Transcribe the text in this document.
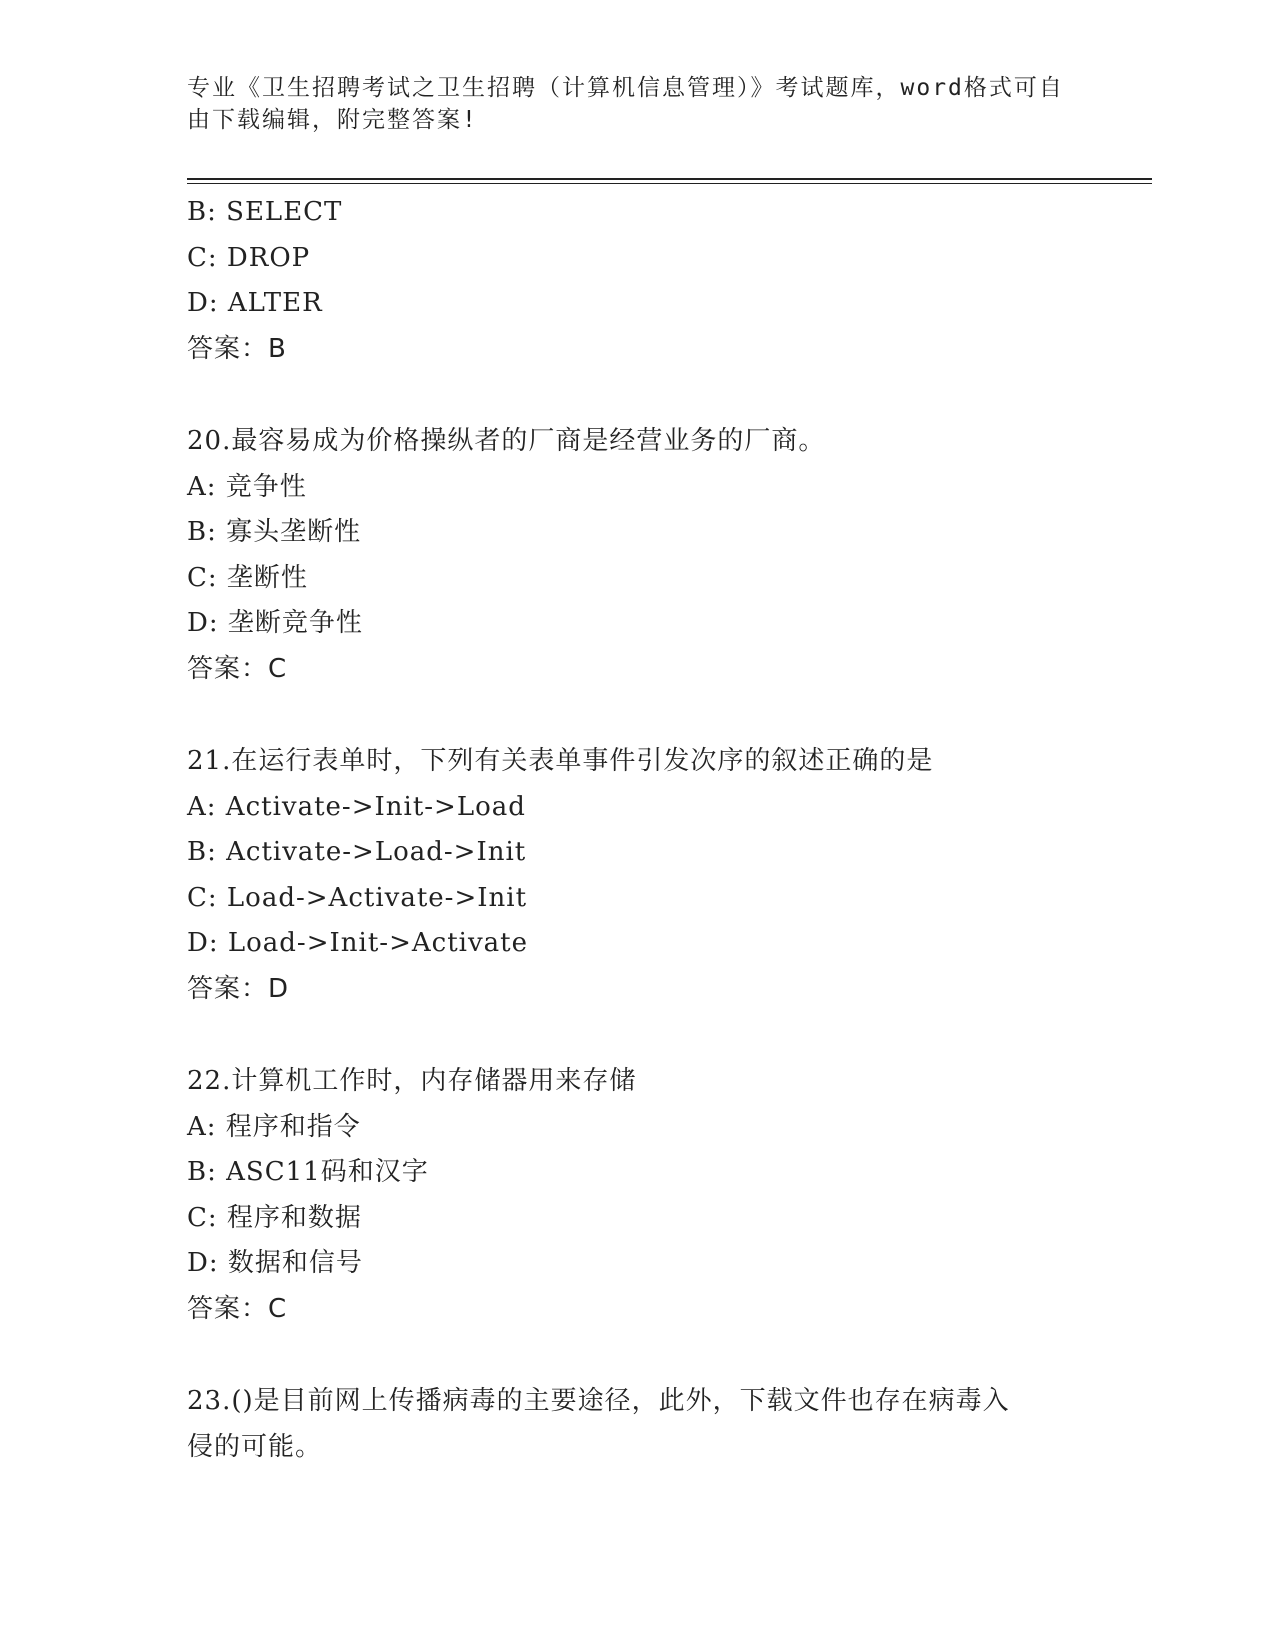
专业《卫生招聘考试之卫生招聘（计算机信息管理）》考试题库，word格式可自
由下载编辑，附完整答案!
B: SELECT
C: DROP
D: ALTER
答案：B
20.最容易成为价格操纵者的厂商是经营业务的厂商。
A: 竞争性
B: 寡头垄断性
C: 垄断性
D: 垄断竞争性
答案：C
21.在运行表单时，下列有关表单事件引发次序的叙述正确的是
A: Activate->Init->Load
B: Activate->Load->Init
C: Load->Activate->Init
D: Load->Init->Activate
答案：D
22.计算机工作时，内存储器用来存储
A: 程序和指令
B: ASC11码和汉字
C: 程序和数据
D: 数据和信号
答案：C
23.()是目前网上传播病毒的主要途径，此外，下载文件也存在病毒入
侵的可能。
